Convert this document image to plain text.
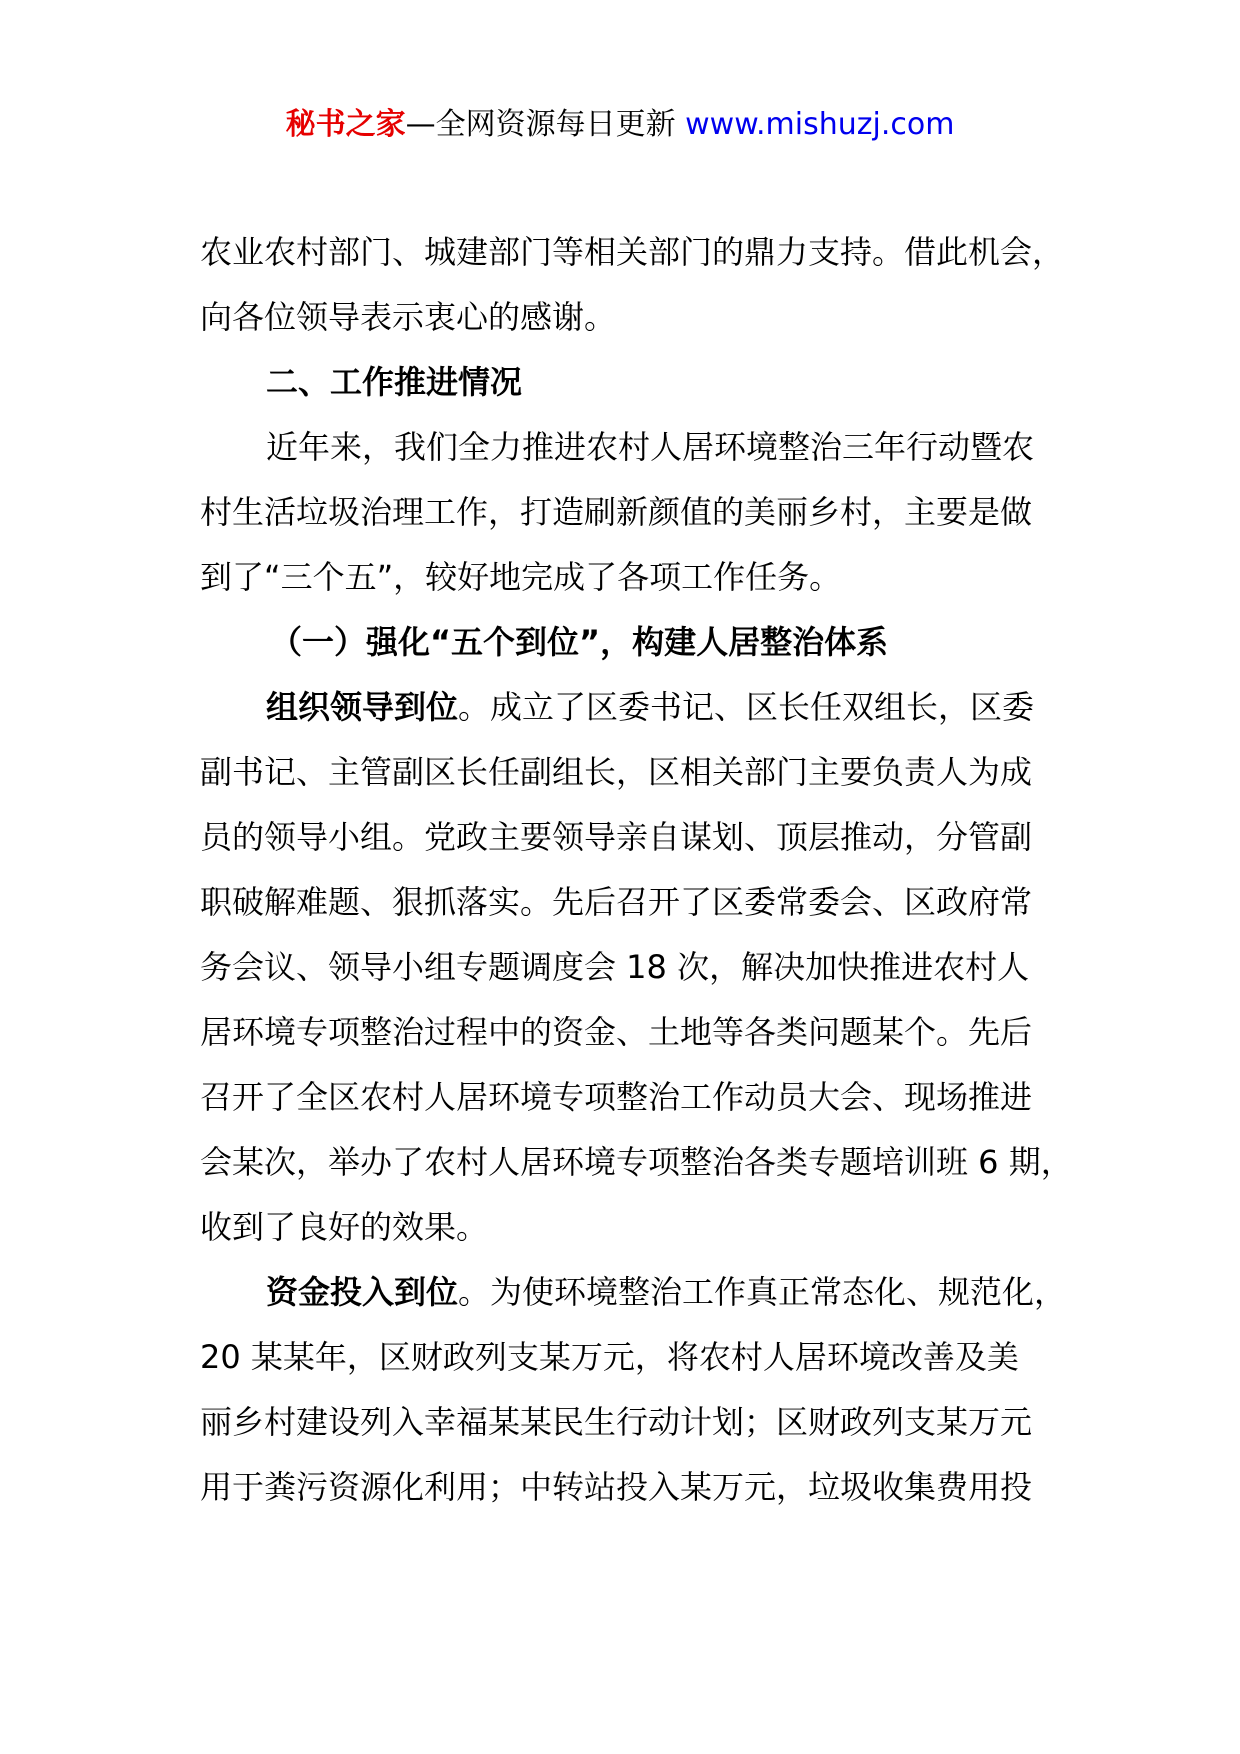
秘书之家—全网资源每日更新 www.mishuzj.com
农业农村部门、城建部门等相关部门的鼎力支持。借此机会，
向各位领导表示衷心的感谢。
二、工作推进情况
近年来，我们全力推进农村人居环境整治三年行动暨农
村生活垃圾治理工作，打造刷新颜值的美丽乡村，主要是做
到了“三个五”，较好地完成了各项工作任务。
（一）强化“五个到位”，构建人居整治体系
组织领导到位。成立了区委书记、区长任双组长，区委
副书记、主管副区长任副组长，区相关部门主要负责人为成
员的领导小组。党政主要领导亲自谋划、顶层推动，分管副
职破解难题、狠抓落实。先后召开了区委常委会、区政府常
务会议、领导小组专题调度会 18 次，解决加快推进农村人
居环境专项整治过程中的资金、土地等各类问题某个。先后
召开了全区农村人居环境专项整治工作动员大会、现场推进
会某次，举办了农村人居环境专项整治各类专题培训班 6 期，
收到了良好的效果。
资金投入到位。为使环境整治工作真正常态化、规范化，
20 某某年，区财政列支某万元，将农村人居环境改善及美
丽乡村建设列入幸福某某民生行动计划；区财政列支某万元
用于粪污资源化利用；中转站投入某万元，垃圾收集费用投
